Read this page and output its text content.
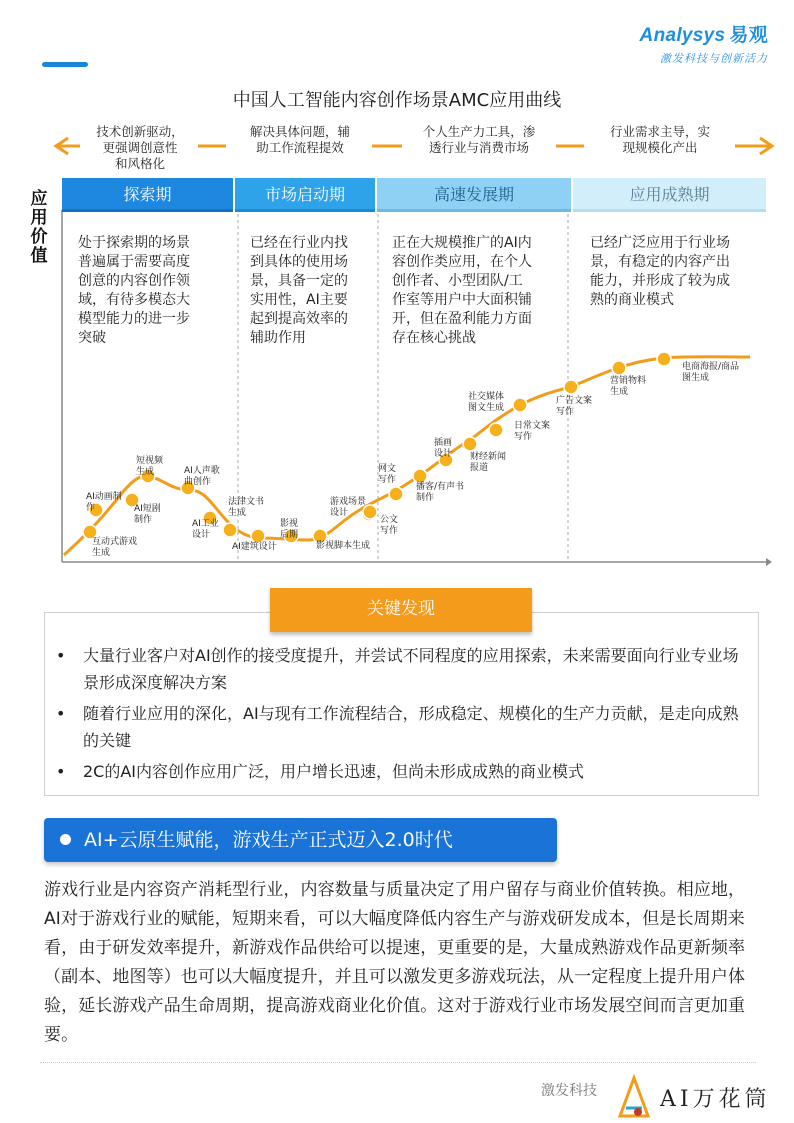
Analysys 易观
激发科技与创新活力
中国人工智能内容创作场景AMC应用曲线
技术创新驱动，
更强调创意性
和风格化
解决具体问题，辅
助工作流程提效
个人生产力工具，渗
透行业与消费市场
行业需求主导，实
现规模化产出
应用价值
探索期	市场启动期	高速发展期	应用成熟期
处于探索期的场景
普遍属于需要高度
创意的内容创作领
域，有待多模态大
模型能力的进一步
突破
已经在行业内找
到具体的使用场
景，具备一定的
实用性，AI主要
起到提高效率的
辅助作用
正在大规模推广的AI内
容创作类应用，在个人
创作者、小型团队/工
作室等用户中大面积铺
开，但在盈利能力方面
存在核心挑战
已经广泛应用于行业场
景，有稳定的内容产出
能力，并形成了较为成
熟的商业模式
互动式游戏
生成
AI动画制
作
短视频
生成
AI短剧
制作
AI人声歌
曲创作
AI工业
设计
法律文书
生成
AI建筑设计
影视
后期
影视脚本生成
游戏场景
设计
公文
写作
网文
写作
播客/有声书
制作
插画
设计 财经新闻
报道
社交媒体
图文生成
日常文案
写作
广告文案
写作
营销物料
生成
电商海报/商品
图生成
关键发现
• 大量行业客户对AI创作的接受度提升，并尝试不同程度的应用探索，未来需要面向行业专业场景形成深度解决方案
• 随着行业应用的深化，AI与现有工作流程结合，形成稳定、规模化的生产力贡献，是走向成熟的关键
• 2C的AI内容创作应用广泛，用户增长迅速，但尚未形成成熟的商业模式
AI+云原生赋能，游戏生产正式迈入2.0时代
游戏行业是内容资产消耗型行业，内容数量与质量决定了用户留存与商业价值转换。相应地，AI对于游戏行业的赋能，短期来看，可以大幅度降低内容生产与游戏研发成本，但是长周期来看，由于研发效率提升，新游戏作品供给可以提速，更重要的是，大量成熟游戏作品更新频率（副本、地图等）也可以大幅度提升，并且可以激发更多游戏玩法，从一定程度上提升用户体验，延长游戏产品生命周期，提高游戏商业化价值。这对于游戏行业市场发展空间而言更加重要。
激发科技	AI万花筒
